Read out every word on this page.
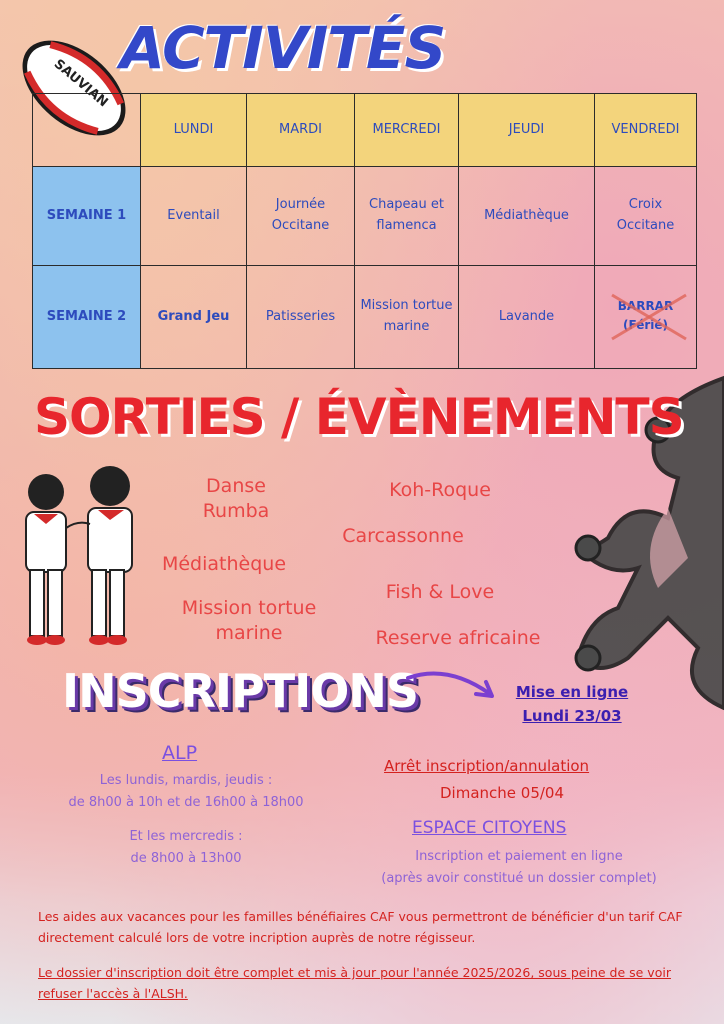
SAUVIAN
ACTIVITÉS
	LUNDI	MARDI	MERCREDI	JEUDI	VENDREDI
SEMAINE 1	Eventail	Journée Occitane	Chapeau et flamenca	Médiathèque	Croix Occitane
SEMAINE 2	Grand Jeu	Patisseries	Mission tortue marine	Lavande	BARRAR (Férié)
SORTIES / ÉVÈNEMENTS
Danse Rumba
Koh-Roque
Carcassonne
Médiathèque
Fish & Love
Mission tortue marine	Reserve africaine
INSCRIPTIONS	Mise en ligne
Lundi 23/03
ALP
Les lundis, mardis, jeudis :
de 8h00 à 10h et de 16h00 à 18h00
Et les mercredis :
de 8h00 à 13h00
Arrêt inscription/annulation
Dimanche 05/04
ESPACE CITOYENS
Inscription et paiement en ligne
(après avoir constitué un dossier complet)
Les aides aux vacances pour les familles bénéfiaires CAF vous permettront de bénéficier d'un tarif CAF directement calculé lors de votre incription auprès de notre régisseur.
Le dossier d'inscription doit être complet et mis à jour pour l'année 2025/2026, sous peine de se voir refuser l'accès à l'ALSH.
